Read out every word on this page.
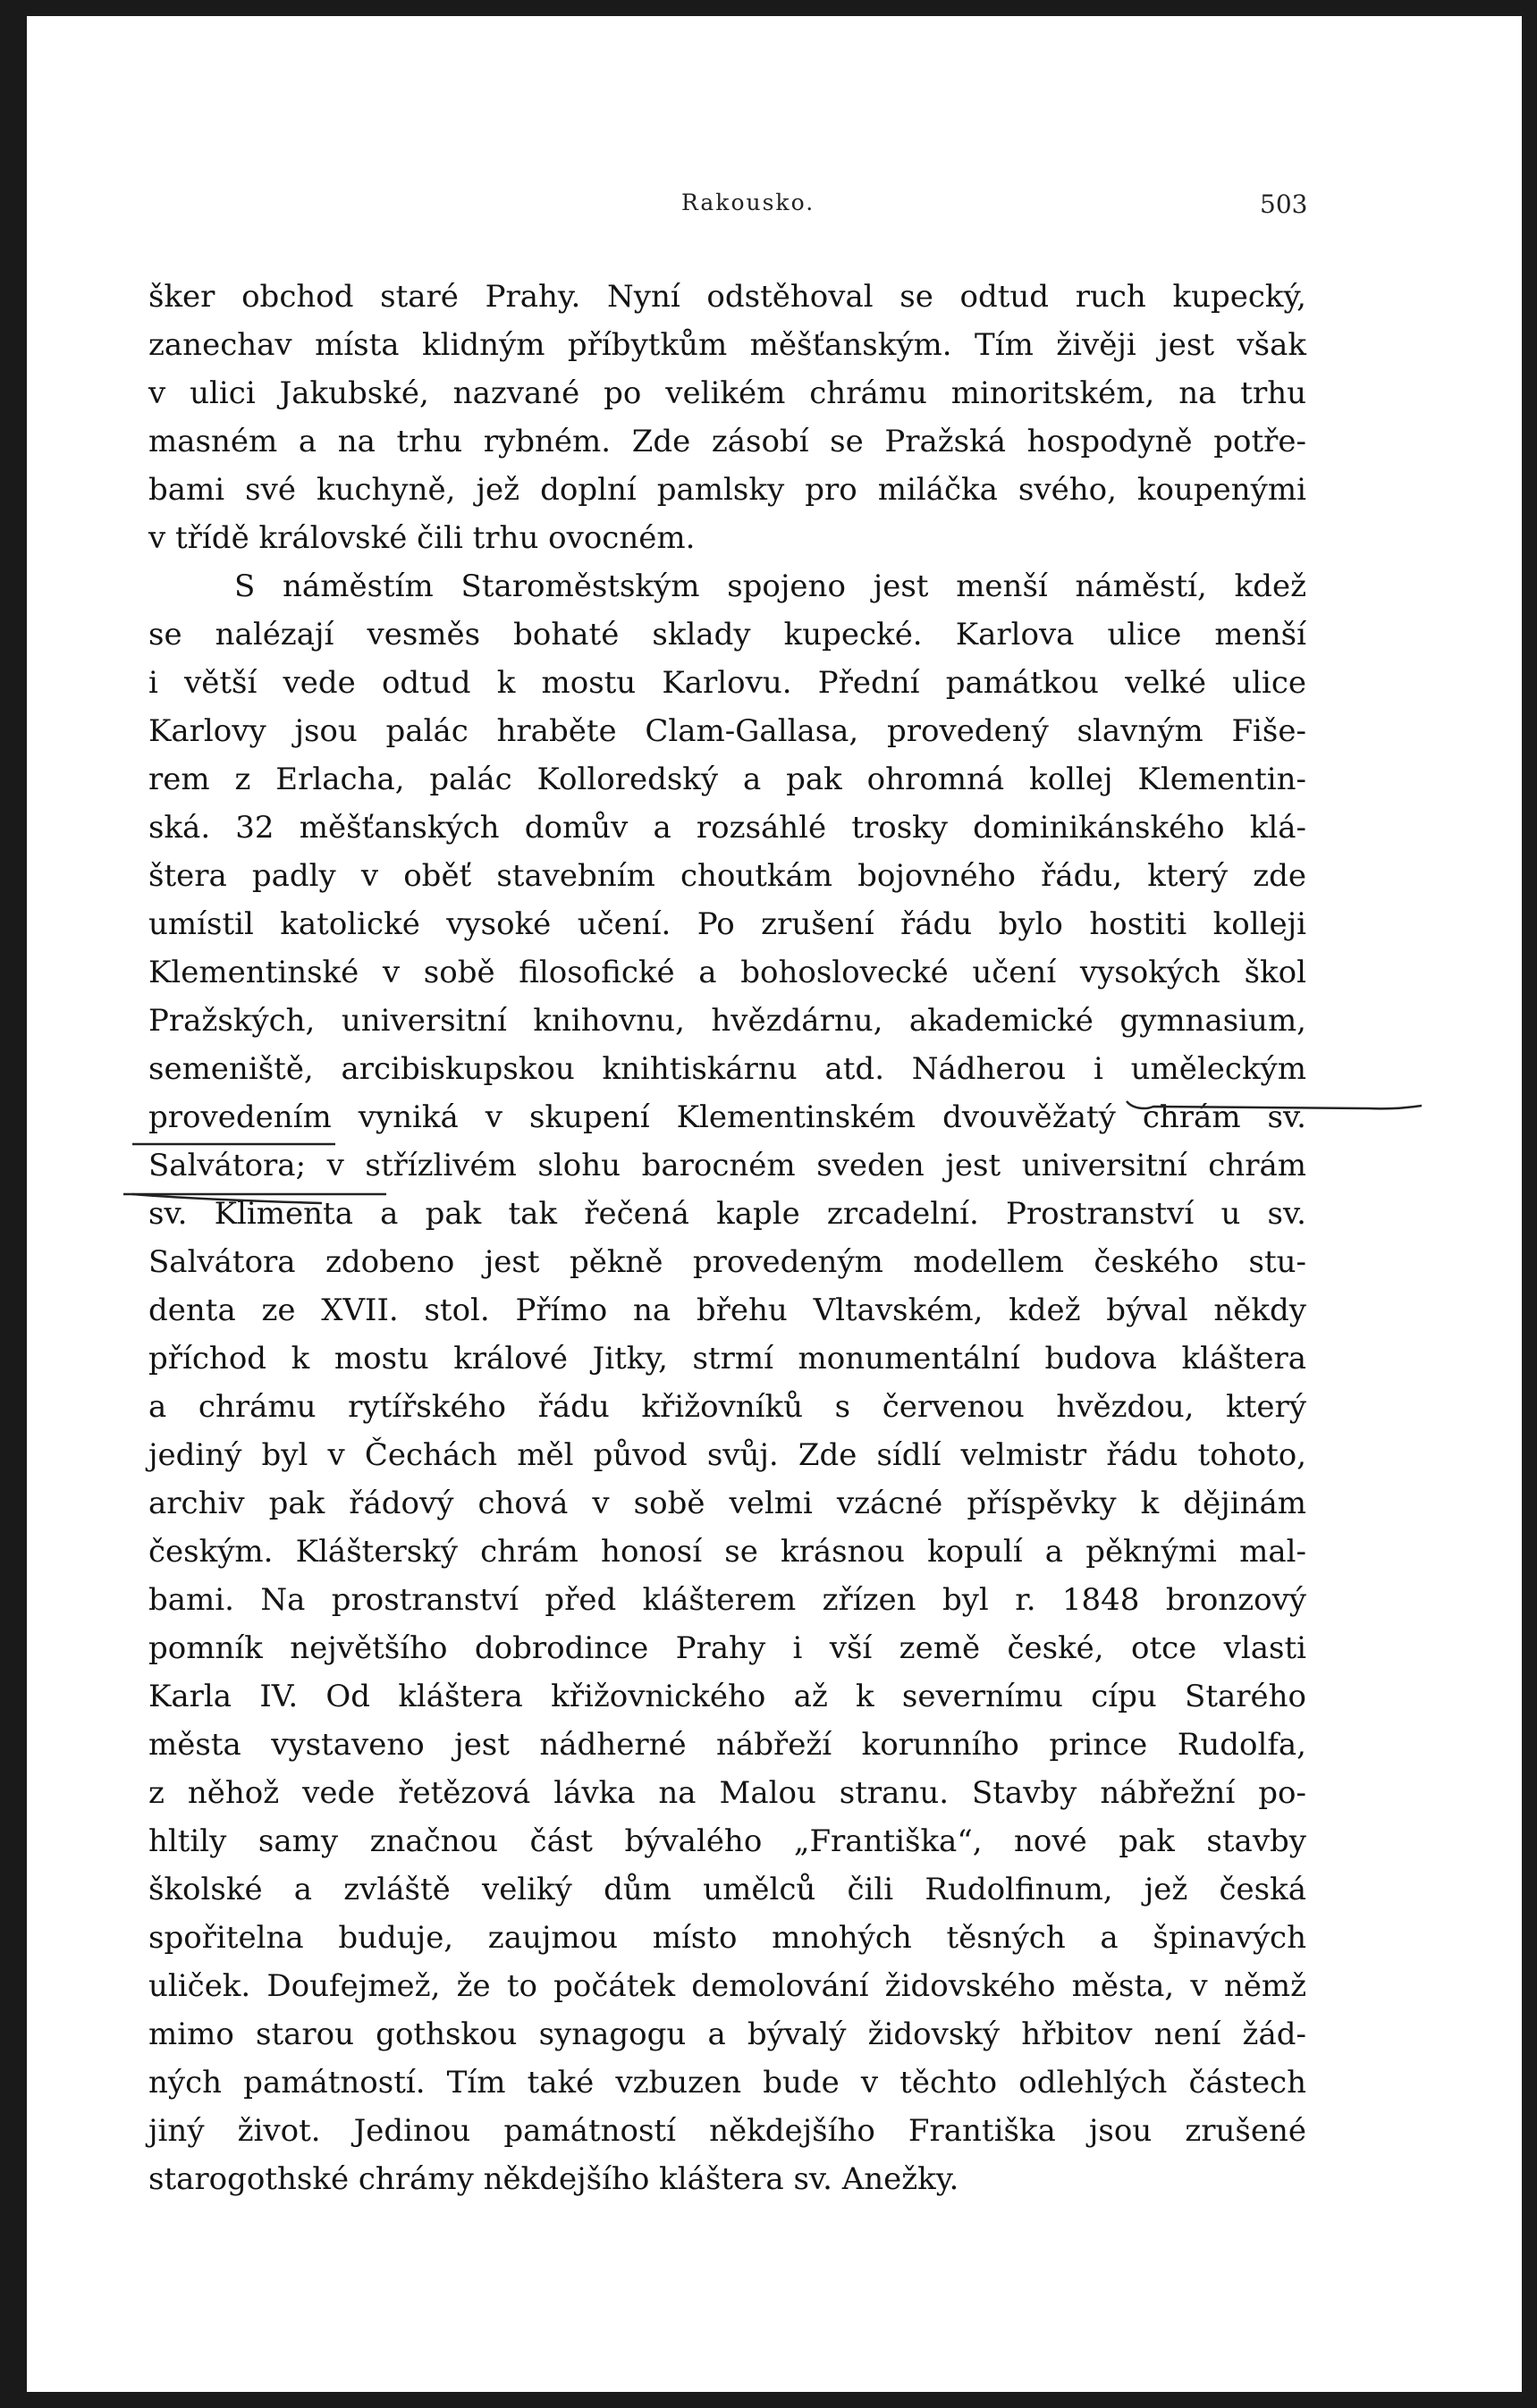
Rakousko.	503
šker obchod staré Prahy. Nyní odstěhoval se odtud ruch kupecký,
zanechav místa klidným příbytkům měšťanským. Tím živěji jest však
v ulici Jakubské, nazvané po velikém chrámu minoritském, na trhu
masném a na trhu rybném. Zde zásobí se Pražská hospodyně potře-
bami své kuchyně, jež doplní pamlsky pro miláčka svého, koupenými
v třídě královské čili trhu ovocném.
S náměstím Staroměstským spojeno jest menší náměstí, kdež
se nalézají vesměs bohaté sklady kupecké. Karlova ulice menší
i větší vede odtud k mostu Karlovu. Přední památkou velké ulice
Karlovy jsou palác hraběte Clam-Gallasa, provedený slavným Fiše-
rem z Erlacha, palác Kolloredský a pak ohromná kollej Klementin-
ská. 32 měšťanských domův a rozsáhlé trosky dominikánského klá-
štera padly v oběť stavebním choutkám bojovného řádu, který zde
umístil katolické vysoké učení. Po zrušení řádu bylo hostiti kolleji
Klementinské v sobě filosofické a bohoslovecké učení vysokých škol
Pražských, universitní knihovnu, hvězdárnu, akademické gymnasium,
semeniště, arcibiskupskou knihtiskárnu atd. Nádherou i uměleckým
provedením vyniká v skupení Klementinském dvouvěžatý chrám sv.
Salvátora; v střízlivém slohu barocném sveden jest universitní chrám
sv. Klimenta a pak tak řečená kaple zrcadelní. Prostranství u sv.
Salvátora zdobeno jest pěkně provedeným modellem českého stu-
denta ze XVII. stol. Přímo na břehu Vltavském, kdež býval někdy
příchod k mostu králové Jitky, strmí monumentální budova kláštera
a chrámu rytířského řádu křižovníků s červenou hvězdou, který
jediný byl v Čechách měl původ svůj. Zde sídlí velmistr řádu tohoto,
archiv pak řádový chová v sobě velmi vzácné příspěvky k dějinám
českým. Klášterský chrám honosí se krásnou kopulí a pěknými mal-
bami. Na prostranství před klášterem zřízen byl r. 1848 bronzový
pomník největšího dobrodince Prahy i vší země české, otce vlasti
Karla IV. Od kláštera křižovnického až k severnímu cípu Starého
města vystaveno jest nádherné nábřeží korunního prince Rudolfa,
z něhož vede řetězová lávka na Malou stranu. Stavby nábřežní po-
hltily samy značnou část bývalého „Františka“, nové pak stavby
školské a zvláště veliký dům umělců čili Rudolfinum, jež česká
spořitelna buduje, zaujmou místo mnohých těsných a špinavých
uliček. Doufejmež, že to počátek demolování židovského města, v němž
mimo starou gothskou synagogu a bývalý židovský hřbitov není žád-
ných památností. Tím také vzbuzen bude v těchto odlehlých částech
jiný život. Jedinou památností někdejšího Františka jsou zrušené
starogothské chrámy někdejšího kláštera sv. Anežky.
